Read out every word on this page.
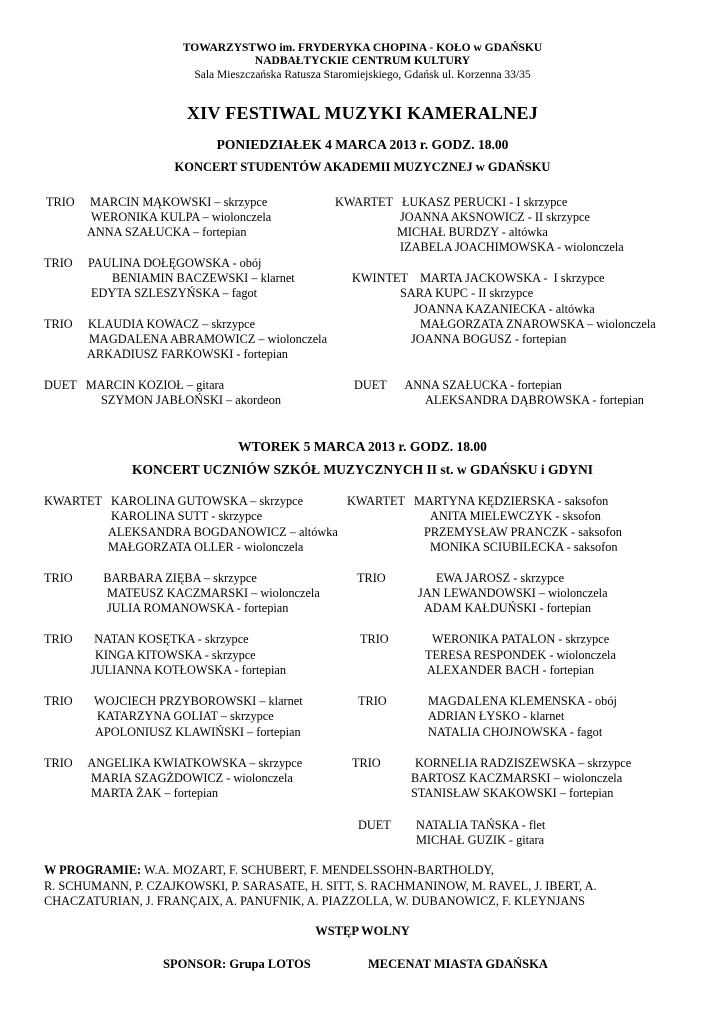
TOWARZYSTWO im. FRYDERYKA CHOPINA - KOŁO w GDAŃSKU
NADBAŁTYCKIE CENTRUM KULTURY
Sala Mieszczańska Ratusza Staromiejskiego, Gdańsk ul. Korzenna 33/35
XIV FESTIWAL MUZYKI KAMERALNEJ
PONIEDZIAŁEK 4 MARCA 2013 r. GODZ. 18.00
KONCERT STUDENTÓW AKADEMII MUZYCZNEJ w GDAŃSKU
TRIO     MARCIN MĄKOWSKI – skrzypce
WERONIKA KULPA – wiolonczela
ANNA SZAŁUCKA – fortepian
KWARTET   ŁUKASZ PERUCKI - I skrzypce
JOANNA AKSNOWICZ - II skrzypce
MICHAŁ BURDZY - altówka
IZABELA JOACHIMOWSKA - wiolonczela
TRIO     PAULINA DOŁĘGOWSKA - obój
BENIAMIN BACZEWSKI – klarnet
EDYTA SZLESZYŃSKA – fagot
KWINTET    MARTA JACKOWSKA -  I skrzypce
SARA KUPC - II skrzypce
JOANNA KAZANIECKA - altówka
TRIO     KLAUDIA KOWACZ – skrzypce
MAGDALENA ABRAMOWICZ – wiolonczela
ARKADIUSZ FARKOWSKI - fortepian
MAŁGORZATA ZNAROWSKA – wiolonczela
JOANNA BOGUSZ - fortepian
DUET   MARCIN KOZIOŁ – gitara
SZYMON JABŁOŃSKI – akordeon
DUET      ANNA SZAŁUCKA - fortepian
ALEKSANDRA DĄBROWSKA - fortepian
WTOREK 5 MARCA 2013 r. GODZ. 18.00
KONCERT UCZNIÓW SZKÓŁ MUZYCZNYCH II st. w GDAŃSKU i GDYNI
KWARTET   KAROLINA GUTOWSKA – skrzypce
KAROLINA SUTT - skrzypce
ALEKSANDRA BOGDANOWICZ – altówka
MAŁGORZATA OLLER - wiolonczela
KWARTET   MARTYNA KĘDZIERSKA - saksofon
ANITA MIELEWCZYK - sksofon
PRZEMYSŁAW PRANCZK - saksofon
MONIKA SCIUBILECKA - saksofon
TRIO          BARBARA ZIĘBA – skrzypce
MATEUSZ KACZMARSKI – wiolonczela
JULIA ROMANOWSKA - fortepian
TRIO	EWA JAROSZ - skrzypce
JAN LEWANDOWSKI – wiolonczela
ADAM KAŁDUŃSKI - fortepian
TRIO       NATAN KOSĘTKA - skrzypce
KINGA KITOWSKA - skrzypce
JULIANNA KOTŁOWSKA - fortepian
TRIO	WERONIKA PATALON - skrzypce
TERESA RESPONDEK - wiolonczela
ALEXANDER BACH - fortepian
TRIO       WOJCIECH PRZYBOROWSKI – klarnet
KATARZYNA GOLIAT – skrzypce
APOLONIUSZ KLAWIŃSKI – fortepian
TRIO	MAGDALENA KLEMENSKA - obój
ADRIAN ŁYSKO - klarnet
NATALIA CHOJNOWSKA - fagot
TRIO     ANGELIKA KWIATKOWSKA – skrzypce
MARIA SZAGŻDOWICZ - wiolonczela
MARTA ŻAK – fortepian
TRIO	KORNELIA RADZISZEWSKA – skrzypce
BARTOSZ KACZMARSKI – wiolonczela
STANISŁAW SKAKOWSKI – fortepian
DUET NATALIA TAŃSKA - flet
MICHAŁ GUZIK - gitara
W PROGRAMIE: W.A. MOZART, F. SCHUBERT, F. MENDELSSOHN-BARTHOLDY,
R. SCHUMANN, P. CZAJKOWSKI, P. SARASATE, H. SITT, S. RACHMANINOW, M. RAVEL, J. IBERT, A.
CHACZATURIAN, J. FRANÇAIX, A. PANUFNIK, A. PIAZZOLLA, W. DUBANOWICZ, F. KLEYNJANS
WSTĘP WOLNY
SPONSOR: Grupa LOTOS	MECENAT MIASTA GDAŃSKA
